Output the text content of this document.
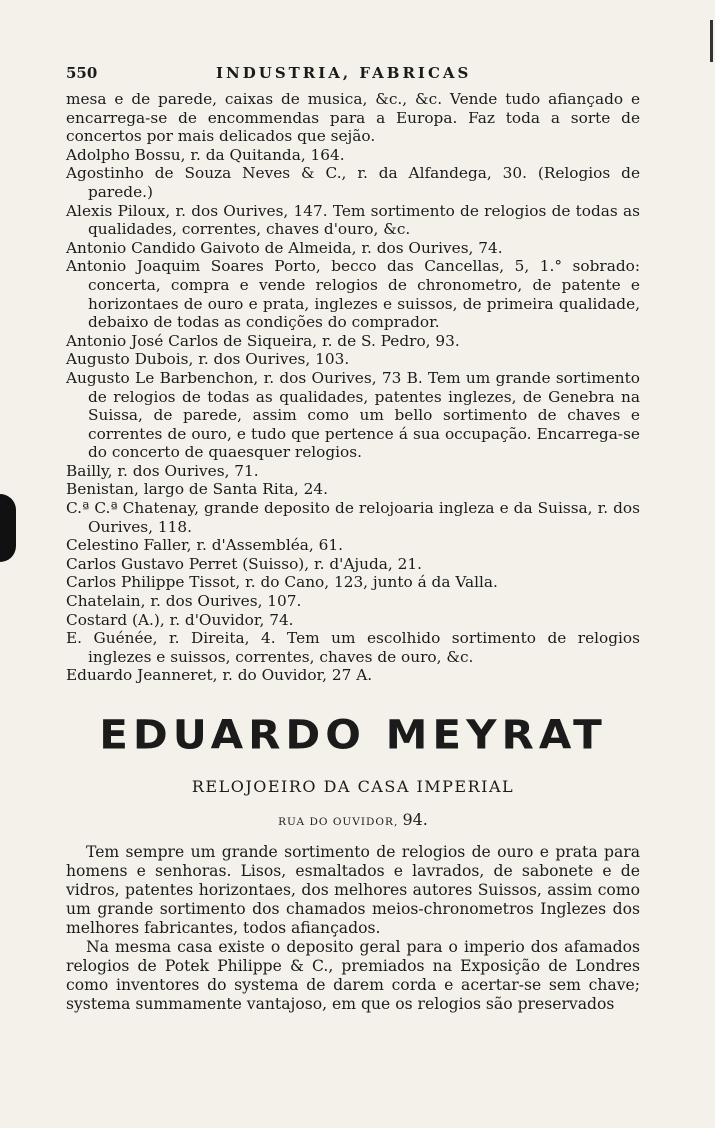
550	INDUSTRIA, FABRICAS

mesa e de parede, caixas de musica, &c., &c. Vende tudo afiançado e encarrega-se de encommendas para a Europa. Faz toda a sorte de concertos por mais delicados que sejão.

Adolpho Bossu, r. da Quitanda, 164.

Agostinho de Souza Neves & C., r. da Alfandega, 30. (Relogios de parede.)

Alexis Piloux, r. dos Ourives, 147. Tem sortimento de relogios de todas as qualidades, correntes, chaves d'ouro, &c.

Antonio Candido Gaivoto de Almeida, r. dos Ourives, 74.

Antonio Joaquim Soares Porto, becco das Cancellas, 5, 1.° sobrado: concerta, compra e vende relogios de chronometro, de patente e horizontaes de ouro e prata, inglezes e suissos, de primeira qualidade, debaixo de todas as condições do comprador.

Antonio José Carlos de Siqueira, r. de S. Pedro, 93.

Augusto Dubois, r. dos Ourives, 103.

Augusto Le Barbenchon, r. dos Ourives, 73 B. Tem um grande sortimento de relogios de todas as qualidades, patentes inglezes, de Genebra na Suissa, de parede, assim como um bello sortimento de chaves e correntes de ouro, e tudo que pertence á sua occupação. Encarrega-se do concerto de quaesquer relogios.

Bailly, r. dos Ourives, 71.

Benistan, largo de Santa Rita, 24.

C.ª C.ª Chatenay, grande deposito de relojoaria ingleza e da Suissa, r. dos Ourives, 118.

Celestino Faller, r. d'Assembléa, 61.

Carlos Gustavo Perret (Suisso), r. d'Ajuda, 21.

Carlos Philippe Tissot, r. do Cano, 123, junto á da Valla.

Chatelain, r. dos Ourives, 107.

Costard (A.), r. d'Ouvidor, 74.

E. Guénée, r. Direita, 4. Tem um escolhido sortimento de relogios inglezes e suissos, correntes, chaves de ouro, &c.

Eduardo Jeanneret, r. do Ouvidor, 27 A.

EDUARDO MEYRAT
RELOJOEIRO DA CASA IMPERIAL
RUA DO OUVIDOR, 94.

Tem sempre um grande sortimento de relogios de ouro e prata para homens e senhoras. Lisos, esmaltados e lavrados, de sabonete e de vidros, patentes horizontaes, dos melhores autores Suissos, assim como um grande sortimento dos chamados meios-chronometros Inglezes dos melhores fabricantes, todos afiançados.

Na mesma casa existe o deposito geral para o imperio dos afamados relogios de Potek Philippe & C., premiados na Exposição de Londres como inventores do systema de darem corda e acertar-se sem chave; systema summamente vantajoso, em que os relogios são preservados
